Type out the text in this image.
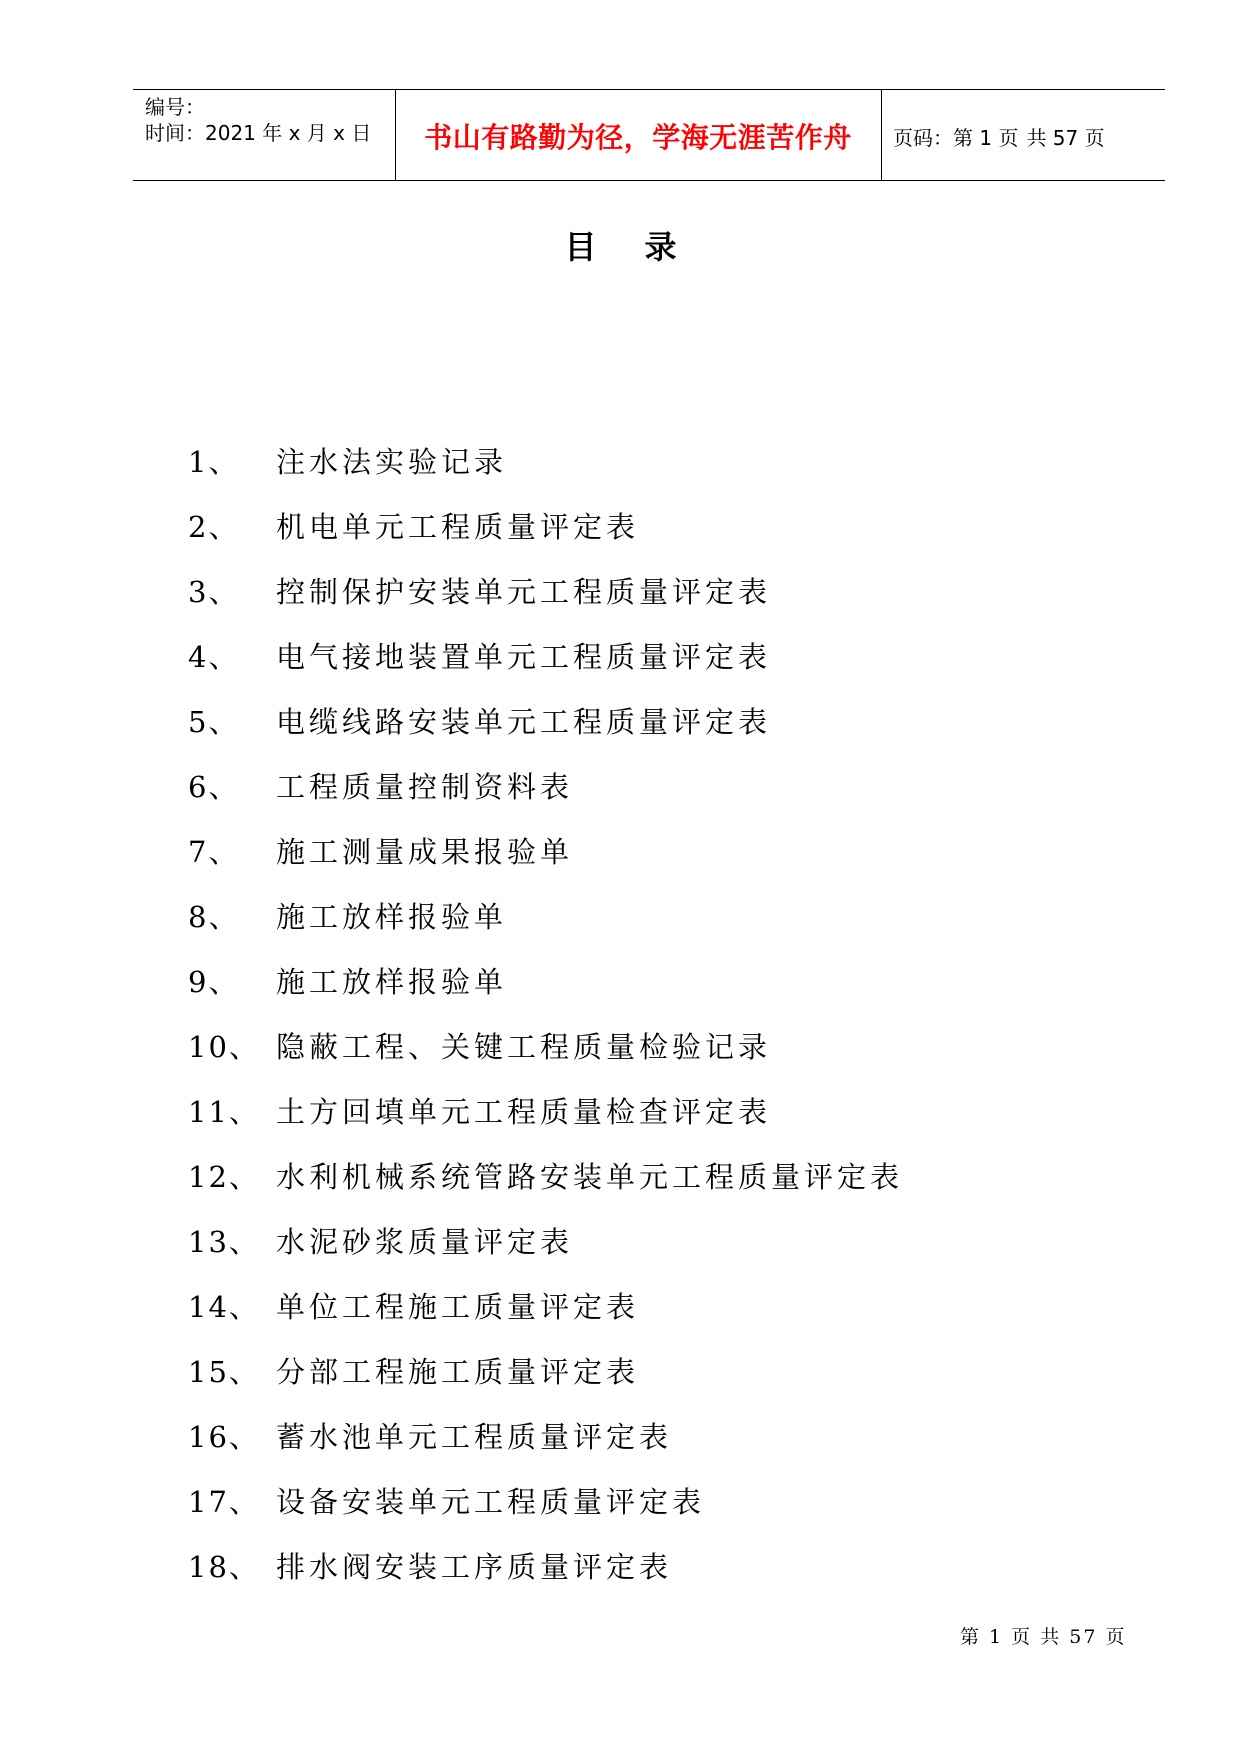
编号：
时间：2021 年 x 月 x 日	书山有路勤为径，学海无涯苦作舟	页码：第 1 页 共 57 页
目录
1、	注水法实验记录
2、	机电单元工程质量评定表
3、	控制保护安装单元工程质量评定表
4、	电气接地装置单元工程质量评定表
5、	电缆线路安装单元工程质量评定表
6、	工程质量控制资料表
7、	施工测量成果报验单
8、	施工放样报验单
9、	施工放样报验单
10、 隐蔽工程、关键工程质量检验记录
11、 土方回填单元工程质量检查评定表
12、 水利机械系统管路安装单元工程质量评定表
13、 水泥砂浆质量评定表
14、 单位工程施工质量评定表
15、 分部工程施工质量评定表
16、 蓄水池单元工程质量评定表
17、 设备安装单元工程质量评定表
18、 排水阀安装工序质量评定表
第 1 页 共 57 页
